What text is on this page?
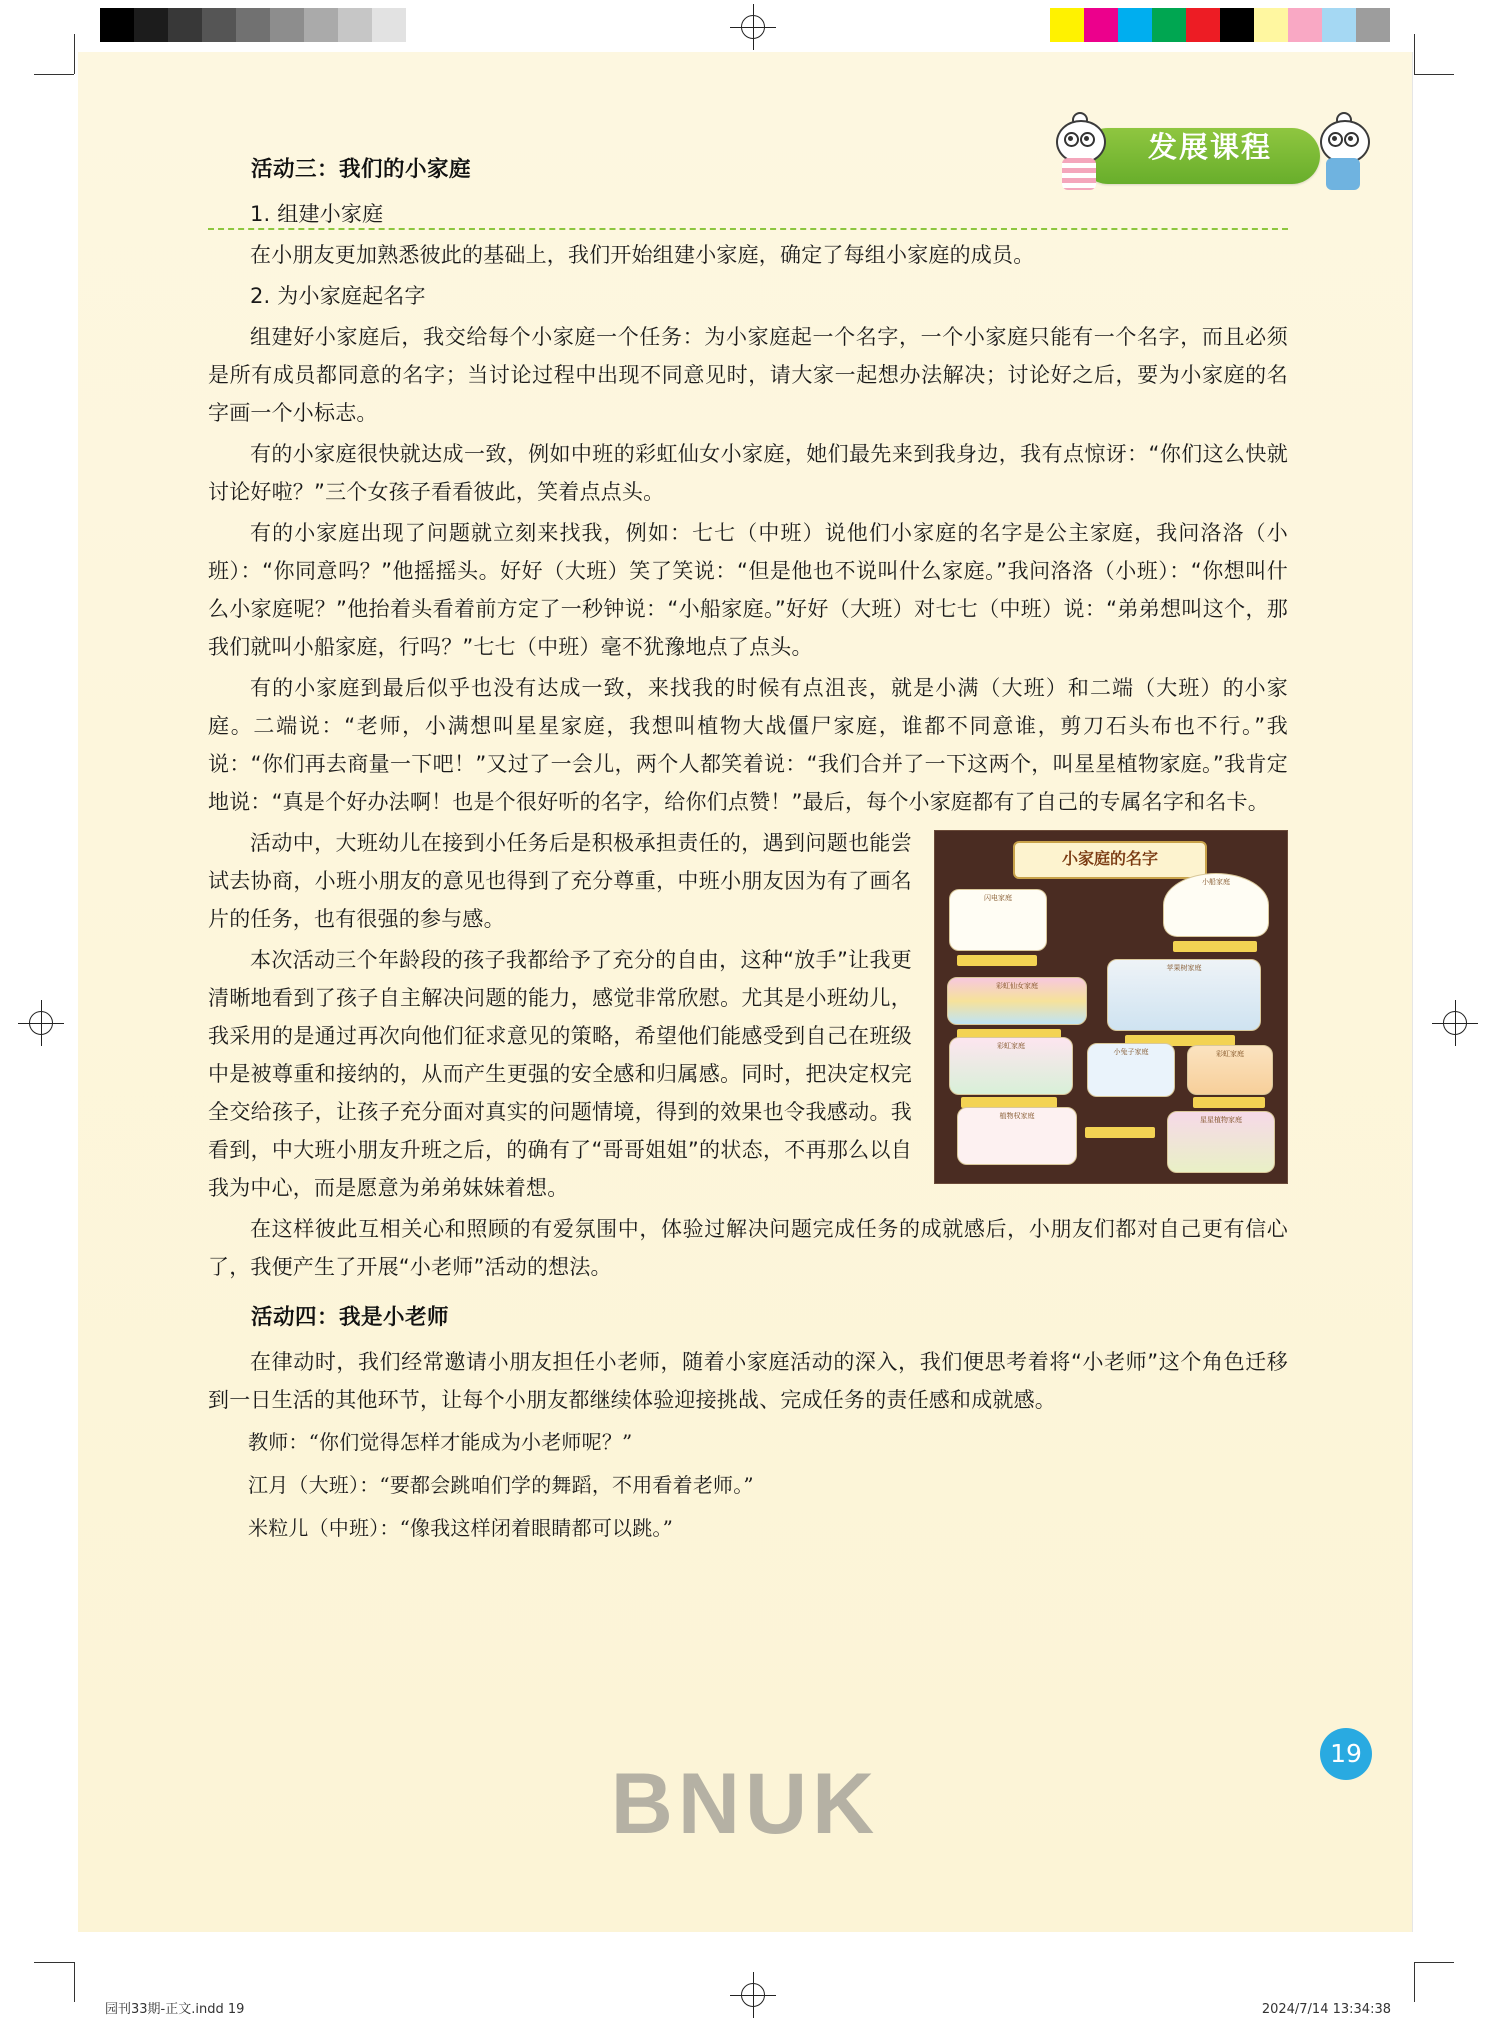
发展课程
活动三：我们的小家庭
1. 组建小家庭
在小朋友更加熟悉彼此的基础上，我们开始组建小家庭，确定了每组小家庭的成员。
2. 为小家庭起名字
组建好小家庭后，我交给每个小家庭一个任务：为小家庭起一个名字，一个小家庭只能有一个名字，而且必须是所有成员都同意的名字；当讨论过程中出现不同意见时，请大家一起想办法解决；讨论好之后，要为小家庭的名字画一个小标志。
有的小家庭很快就达成一致，例如中班的彩虹仙女小家庭，她们最先来到我身边，我有点惊讶：“你们这么快就讨论好啦？”三个女孩子看看彼此，笑着点点头。
有的小家庭出现了问题就立刻来找我，例如：七七（中班）说他们小家庭的名字是公主家庭，我问洛洛（小班）：“你同意吗？”他摇摇头。好好（大班）笑了笑说：“但是他也不说叫什么家庭。”我问洛洛（小班）：“你想叫什么小家庭呢？”他抬着头看着前方定了一秒钟说：“小船家庭。”好好（大班）对七七（中班）说：“弟弟想叫这个，那我们就叫小船家庭，行吗？”七七（中班）毫不犹豫地点了点头。
有的小家庭到最后似乎也没有达成一致，来找我的时候有点沮丧，就是小满（大班）和二端（大班）的小家庭。二端说：“老师，小满想叫星星家庭，我想叫植物大战僵尸家庭，谁都不同意谁，剪刀石头布也不行。”我说：“你们再去商量一下吧！”又过了一会儿，两个人都笑着说：“我们合并了一下这两个，叫星星植物家庭。”我肯定地说：“真是个好办法啊！也是个很好听的名字，给你们点赞！”最后，每个小家庭都有了自己的专属名字和名卡。
小家庭的名字
闪电家庭
小船家庭
彩虹仙女家庭
苹果树家庭
彩虹家庭
小兔子家庭	彩虹家庭
植物权家庭	星星植物家庭
活动中，大班幼儿在接到小任务后是积极承担责任的，遇到问题也能尝试去协商，小班小朋友的意见也得到了充分尊重，中班小朋友因为有了画名片的任务，也有很强的参与感。
本次活动三个年龄段的孩子我都给予了充分的自由，这种“放手”让我更清晰地看到了孩子自主解决问题的能力，感觉非常欣慰。尤其是小班幼儿，我采用的是通过再次向他们征求意见的策略，希望他们能感受到自己在班级中是被尊重和接纳的，从而产生更强的安全感和归属感。同时，把决定权完全交给孩子，让孩子充分面对真实的问题情境，得到的效果也令我感动。我看到，中大班小朋友升班之后，的确有了“哥哥姐姐”的状态，不再那么以自我为中心，而是愿意为弟弟妹妹着想。
在这样彼此互相关心和照顾的有爱氛围中，体验过解决问题完成任务的成就感后，小朋友们都对自己更有信心了，我便产生了开展“小老师”活动的想法。
活动四：我是小老师
在律动时，我们经常邀请小朋友担任小老师，随着小家庭活动的深入，我们便思考着将“小老师”这个角色迁移到一日生活的其他环节，让每个小朋友都继续体验迎接挑战、完成任务的责任感和成就感。
教师：“你们觉得怎样才能成为小老师呢？”
江月（大班）：“要都会跳咱们学的舞蹈，不用看着老师。”
米粒儿（中班）：“像我这样闭着眼睛都可以跳。”
19
BNUK
园刊33期-正文.indd 19	2024/7/14 13:34:38
